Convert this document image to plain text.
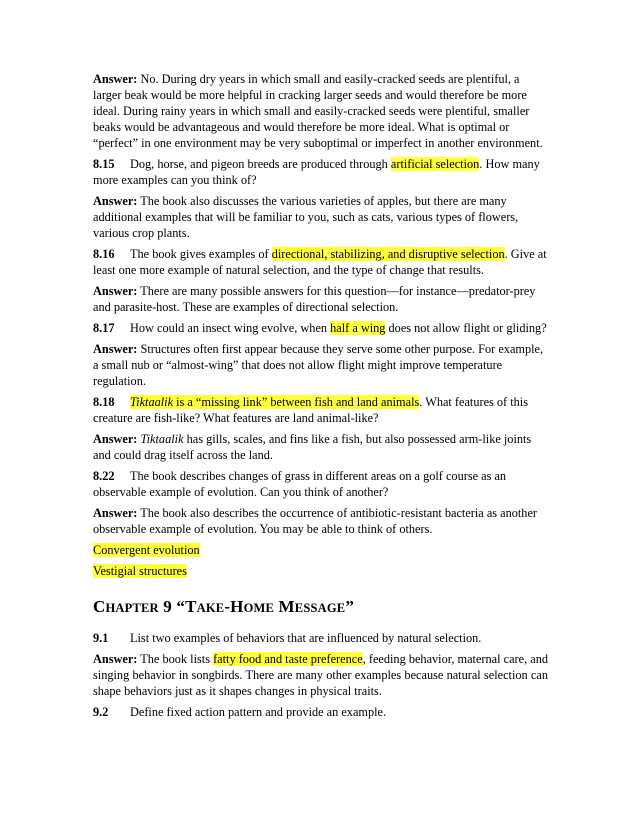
Answer: No. During dry years in which small and easily-cracked seeds are plentiful, a larger beak would be more helpful in cracking larger seeds and would therefore be more ideal. During rainy years in which small and easily-cracked seeds were plentiful, smaller beaks would be advantageous and would therefore be more ideal. What is optimal or “perfect” in one environment may be very suboptimal or imperfect in another environment.

8.15 Dog, horse, and pigeon breeds are produced through artificial selection. How many more examples can you think of?

Answer: The book also discusses the various varieties of apples, but there are many additional examples that will be familiar to you, such as cats, various types of flowers, various crop plants.

8.16 The book gives examples of directional, stabilizing, and disruptive selection. Give at least one more example of natural selection, and the type of change that results.

Answer: There are many possible answers for this question—for instance—predator-prey and parasite-host. These are examples of directional selection.

8.17 How could an insect wing evolve, when half a wing does not allow flight or gliding?

Answer: Structures often first appear because they serve some other purpose. For example, a small nub or “almost-wing” that does not allow flight might improve temperature regulation.

8.18 Tiktaalik is a “missing link” between fish and land animals. What features of this creature are fish-like? What features are land animal-like?

Answer: Tiktaalik has gills, scales, and fins like a fish, but also possessed arm-like joints and could drag itself across the land.

8.22 The book describes changes of grass in different areas on a golf course as an observable example of evolution. Can you think of another?

Answer: The book also describes the occurrence of antibiotic-resistant bacteria as another observable example of evolution. You may be able to think of others.

Convergent evolution

Vestigial structures

CHAPTER 9 “TAKE-HOME MESSAGE”

9.1 List two examples of behaviors that are influenced by natural selection.

Answer: The book lists fatty food and taste preference, feeding behavior, maternal care, and singing behavior in songbirds. There are many other examples because natural selection can shape behaviors just as it shapes changes in physical traits.

9.2 Define fixed action pattern and provide an example.
